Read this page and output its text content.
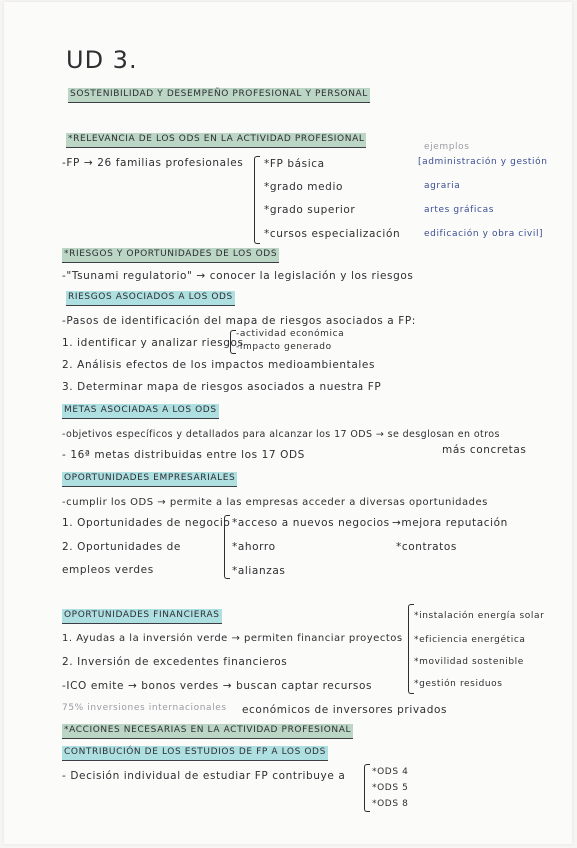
UD 3.
SOSTENIBILIDAD Y DESEMPEÑO PROFESIONAL Y PERSONAL
*RELEVANCIA DE LOS ODS EN LA ACTIVIDAD PROFESIONAL
-FP → 26 familias profesionales *FP básica
*grado medio
*grado superior
*cursos especialización
ejemplos
[administración y gestión
agraria
artes gráficas
edificación y obra civil]
*RIESGOS Y OPORTUNIDADES DE LOS ODS
-"Tsunami regulatorio" → conocer la legislación y los riesgos
RIESGOS ASOCIADOS A LOS ODS
-Pasos de identificación del mapa de riesgos asociados a FP:
1. identificar y analizar riesgos
-actividad económica
-impacto generado
2. Análisis efectos de los impactos medioambientales
3. Determinar mapa de riesgos asociados a nuestra FP
METAS ASOCIADAS A LOS ODS
-objetivos específicos y detallados para alcanzar los 17 ODS → se desglosan en otros
- 16ª metas distribuidas entre los 17 ODS	más concretas
OPORTUNIDADES EMPRESARIALES
-cumplir los ODS → permite a las empresas acceder a diversas oportunidades
1. Oportunidades de negocio
2. Oportunidades de
empleos verdes
*acceso a nuevos negocios
*ahorro
*alianzas
→mejora reputación
*contratos
OPORTUNIDADES FINANCIERAS
1. Ayudas a la inversión verde → permiten financiar proyectos
2. Inversión de excedentes financieros
-ICO emite → bonos verdes → buscan captar recursos
75% inversiones internacionales económicos de inversores privados
*instalación energía solar
*eficiencia energética
*movilidad sostenible
*gestión residuos
*ACCIONES NECESARIAS EN LA ACTIVIDAD PROFESIONAL
CONTRIBUCIÓN DE LOS ESTUDIOS DE FP A LOS ODS
- Decisión individual de estudiar FP contribuye a	*ODS 4
*ODS 5
*ODS 8
